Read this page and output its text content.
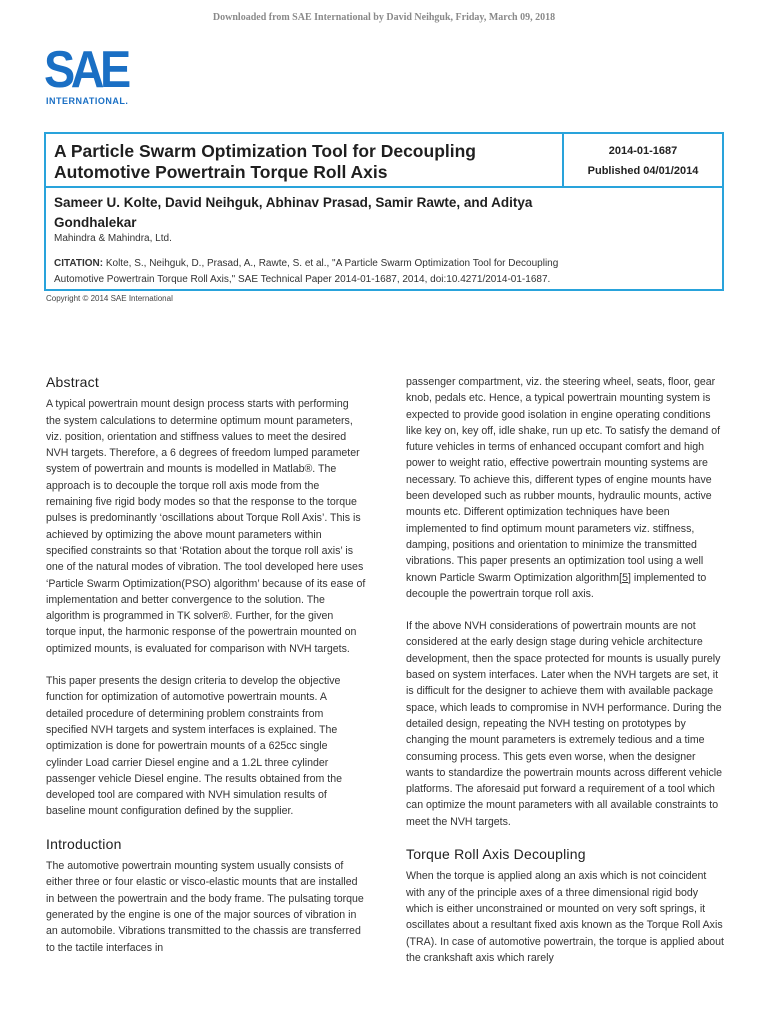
Downloaded from SAE International by David Neihguk, Friday, March 09, 2018
SAE
INTERNATIONAL.
A Particle Swarm Optimization Tool for Decoupling
Automotive Powertrain Torque Roll Axis
2014-01-1687
Published 04/01/2014
Sameer U. Kolte, David Neihguk, Abhinav Prasad, Samir Rawte, and Aditya
Gondhalekar
Mahindra & Mahindra, Ltd.
CITATION: Kolte, S., Neihguk, D., Prasad, A., Rawte, S. et al., "A Particle Swarm Optimization Tool for Decoupling
Automotive Powertrain Torque Roll Axis," SAE Technical Paper 2014-01-1687, 2014, doi:10.4271/2014-01-1687.
Copyright © 2014 SAE International
Abstract

A typical powertrain mount design process starts with performing the system calculations to determine optimum mount parameters, viz. position, orientation and stiffness values to meet the desired NVH targets. Therefore, a 6 degrees of freedom lumped parameter system of powertrain and mounts is modelled in Matlab®. The approach is to decouple the torque roll axis mode from the remaining five rigid body modes so that the response to the torque pulses is predominantly ‘oscillations about Torque Roll Axis’. This is achieved by optimizing the above mount parameters within specified constraints so that ‘Rotation about the torque roll axis’ is one of the natural modes of vibration. The tool developed here uses ‘Particle Swarm Optimization(PSO) algorithm’ because of its ease of implementation and better convergence to the solution. The algorithm is programmed in TK solver®. Further, for the given torque input, the harmonic response of the powertrain mounted on optimized mounts, is evaluated for comparison with NVH targets.

This paper presents the design criteria to develop the objective function for optimization of automotive powertrain mounts. A detailed procedure of determining problem constraints from specified NVH targets and system interfaces is explained. The optimization is done for powertrain mounts of a 625cc single cylinder Load carrier Diesel engine and a 1.2L three cylinder passenger vehicle Diesel engine. The results obtained from the developed tool are compared with NVH simulation results of baseline mount configuration defined by the supplier.

Introduction

The automotive powertrain mounting system usually consists of either three or four elastic or visco-elastic mounts that are installed in between the powertrain and the body frame. The pulsating torque generated by the engine is one of the major sources of vibration in an automobile. Vibrations transmitted to the chassis are transferred to the tactile interfaces in

passenger compartment, viz. the steering wheel, seats, floor, gear knob, pedals etc. Hence, a typical powertrain mounting system is expected to provide good isolation in engine operating conditions like key on, key off, idle shake, run up etc. To satisfy the demand of future vehicles in terms of enhanced occupant comfort and high power to weight ratio, effective powertrain mounting systems are necessary. To achieve this, different types of engine mounts have been developed such as rubber mounts, hydraulic mounts, active mounts etc. Different optimization techniques have been implemented to find optimum mount parameters viz. stiffness, damping, positions and orientation to minimize the transmitted vibrations. This paper presents an optimization tool using a well known Particle Swarm Optimization algorithm[5] implemented to decouple the powertrain torque roll axis.

If the above NVH considerations of powertrain mounts are not considered at the early design stage during vehicle architecture development, then the space protected for mounts is usually purely based on system interfaces. Later when the NVH targets are set, it is difficult for the designer to achieve them with available package space, which leads to compromise in NVH performance. During the detailed design, repeating the NVH testing on prototypes by changing the mount parameters is extremely tedious and a time consuming process. This gets even worse, when the designer wants to standardize the powertrain mounts across different vehicle platforms. The aforesaid put forward a requirement of a tool which can optimize the mount parameters with all available constraints to meet the NVH targets.

Torque Roll Axis Decoupling

When the torque is applied along an axis which is not coincident with any of the principle axes of a three dimensional rigid body which is either unconstrained or mounted on very soft springs, it oscillates about a resultant fixed axis known as the Torque Roll Axis (TRA). In case of automotive powertrain, the torque is applied about the crankshaft axis which rarely
